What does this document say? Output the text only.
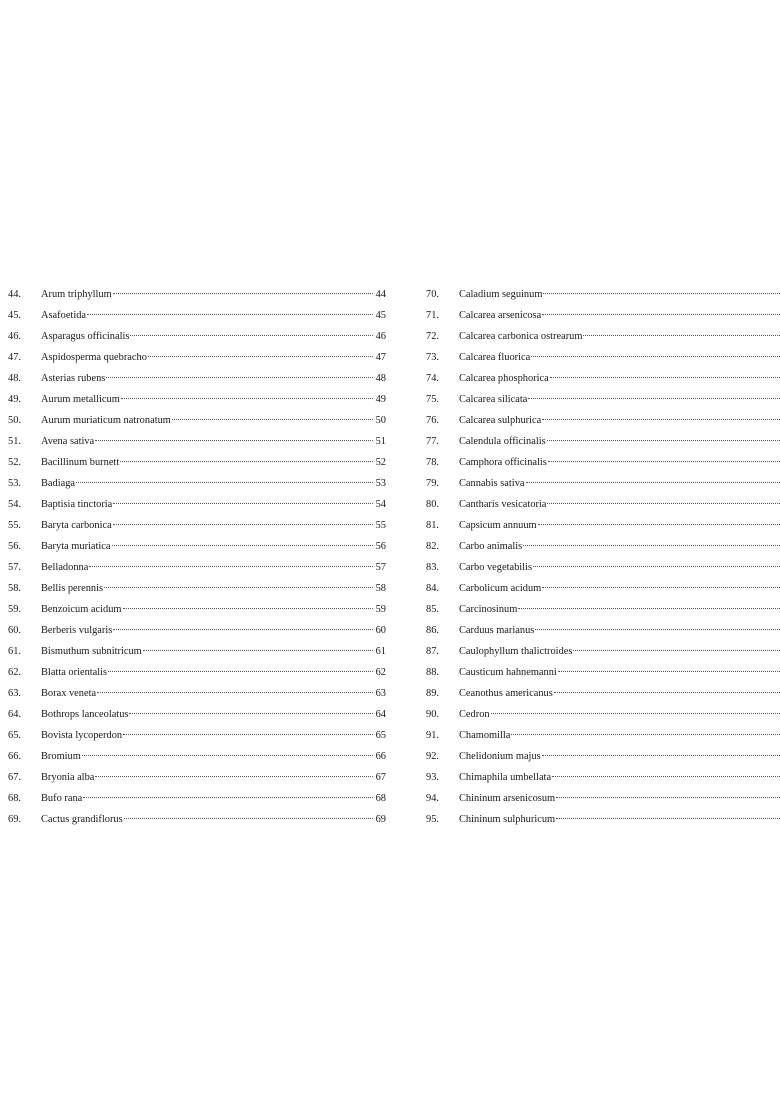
44.	Arum triphyllum	44
45.	Asafoetida	45
46.	Asparagus officinalis	46
47.	Aspidosperma quebracho	47
48.	Asterias rubens	48
49.	Aurum metallicum	49
50.	Aurum muriaticum natronatum	50
51.	Avena sativa	51
52.	Bacillinum burnett	52
53.	Badiaga	53
54.	Baptisia tinctoria	54
55.	Baryta carbonica	55
56.	Baryta muriatica	56
57.	Belladonna	57
58.	Bellis perennis	58
59.	Benzoicum acidum	59
60.	Berberis vulgaris	60
61.	Bismuthum subnitricum	61
62.	Blatta orientalis	62
63.	Borax veneta	63
64.	Bothrops lanceolatus	64
65.	Bovista lycoperdon	65
66.	Bromium	66
67.	Bryonia alba	67
68.	Bufo rana	68
69.	Cactus grandiflorus	69
70.	Caladium seguinum
71.	Calcarea arsenicosa
72.	Calcarea carbonica ostrearum
73.	Calcarea fluorica
74.	Calcarea phosphorica
75.	Calcarea silicata
76.	Calcarea sulphurica
77.	Calendula officinalis
78.	Camphora officinalis
79.	Cannabis sativa
80.	Cantharis vesicatoria
81.	Capsicum annuum
82.	Carbo animalis
83.	Carbo vegetabilis
84.	Carbolicum acidum
85.	Carcinosinum
86.	Carduus marianus
87.	Caulophyllum thalictroides
88.	Causticum hahnemanni
89.	Ceanothus americanus
90.	Cedron
91.	Chamomilla
92.	Chelidonium majus
93.	Chimaphila umbellata
94.	Chininum arsenicosum
95.	Chininum sulphuricum
